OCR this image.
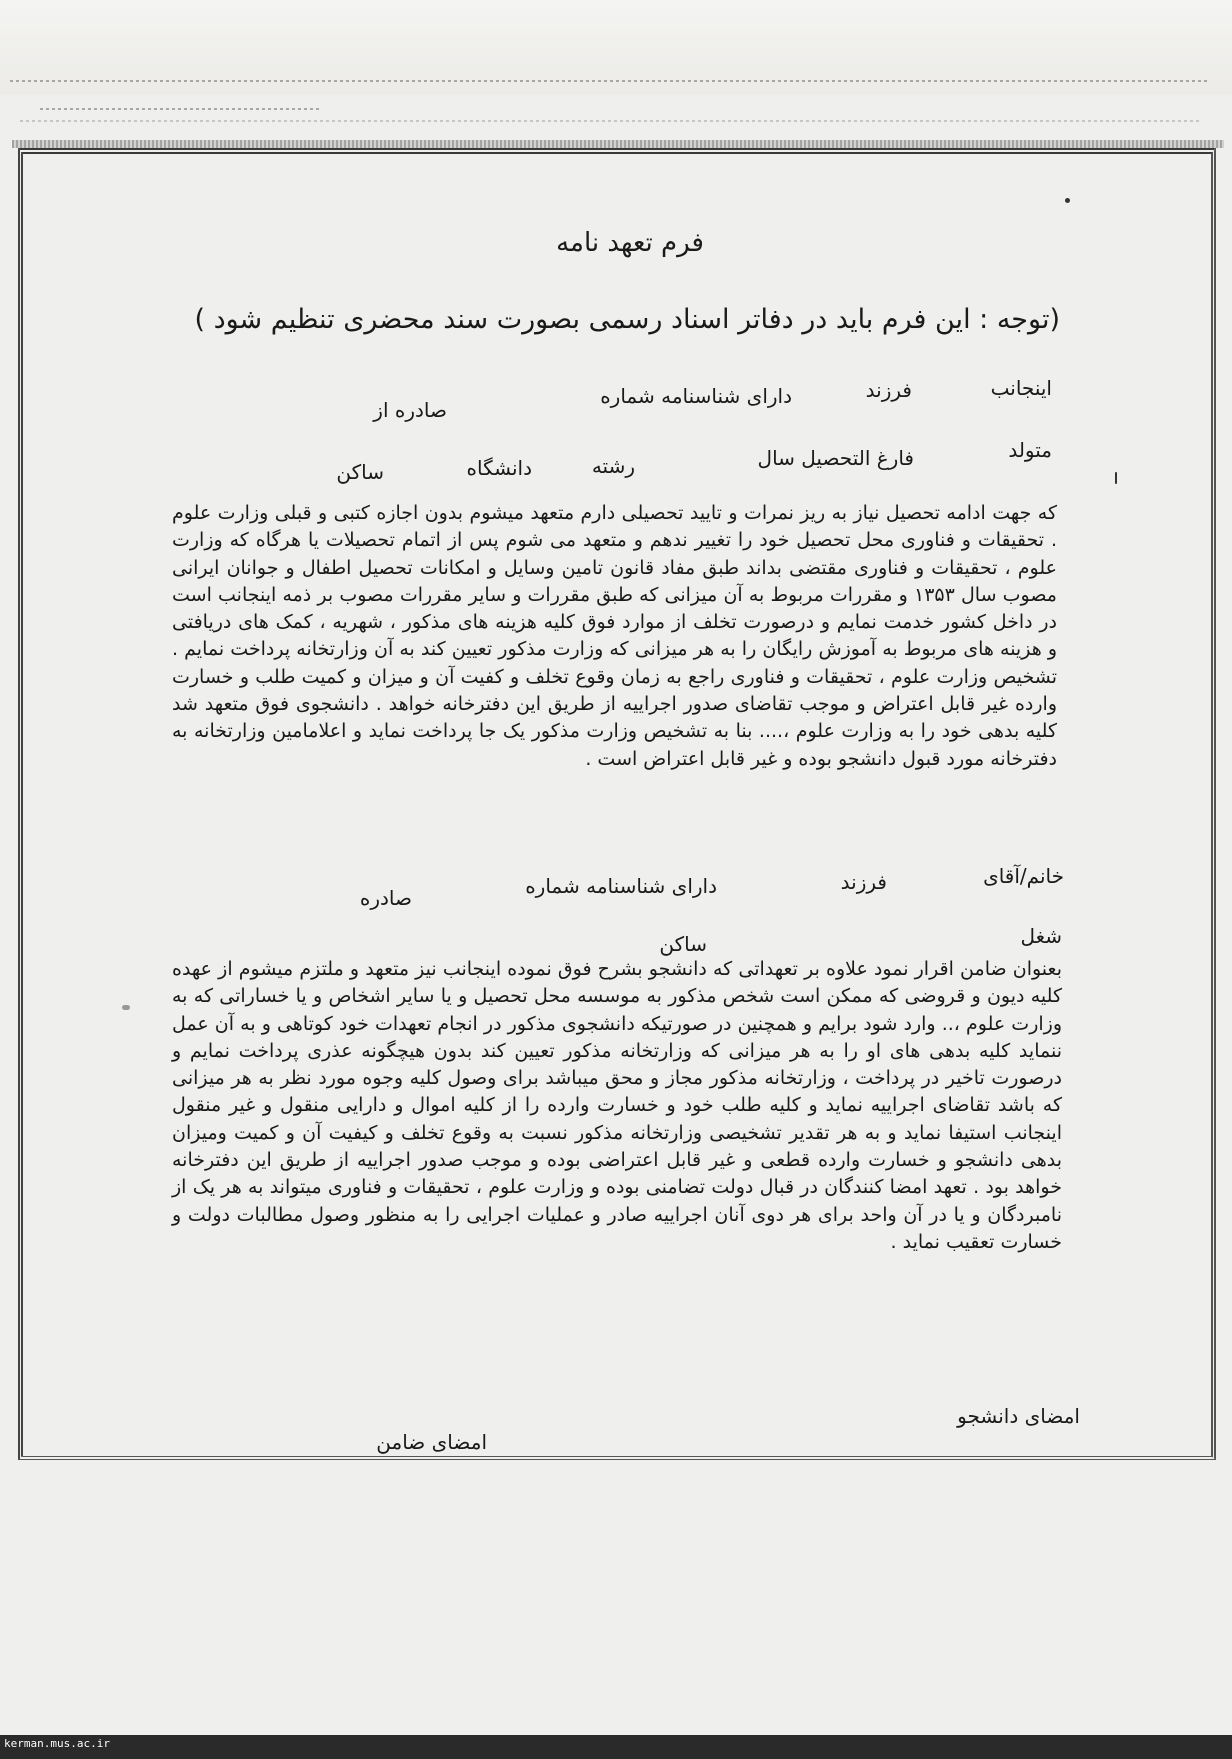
فرم تعهد نامه
(توجه : این فرم باید در دفاتر اسناد رسمی بصورت سند محضری تنظیم شود )
اینجانب
فرزند
دارای شناسنامه شماره
صادره از
متولد
فارغ التحصیل سال
رشته
دانشگاه
ساکن
که جهت ادامه تحصیل نیاز به ریز نمرات و تایید تحصیلی دارم متعهد میشوم بدون اجازه کتبی و قبلی وزارت علوم . تحقیقات و فناوری محل تحصیل خود را تغییر ندهم و متعهد می شوم پس از اتمام تحصیلات یا هرگاه که وزارت علوم ، تحقیقات و فناوری مقتضی بداند طبق مفاد قانون تامین وسایل و امکانات تحصیل اطفال و جوانان ایرانی مصوب سال ۱۳۵۳ و مقررات مربوط به آن میزانی که طبق مقررات و سایر مقررات مصوب بر ذمه اینجانب است در داخل کشور خدمت نمایم و درصورت تخلف از موارد فوق کلیه هزینه های مذکور ، شهریه ، کمک های دریافتی و هزینه های مربوط به آموزش رایگان را به هر میزانی که وزارت مذکور تعیین کند به آن وزارتخانه پرداخت نمایم . تشخیص وزارت علوم ، تحقیقات و فناوری راجع به زمان وقوع تخلف و کفیت آن و میزان و کمیت طلب و خسارت وارده غیر قابل اعتراض و موجب تقاضای صدور اجراییه از طریق این دفترخانه خواهد . دانشجوی فوق متعهد شد کلیه بدهی خود را به وزارت علوم ،.... بنا به تشخیص وزارت مذکور یک جا پرداخت نماید و اعلامامین وزارتخانه به دفترخانه مورد قبول دانشجو بوده و غیر قابل اعتراض است .
خانم/آقای
فرزند
دارای شناسنامه شماره
صادره
شغل
ساکن
بعنوان ضامن اقرار نمود علاوه بر تعهداتی که دانشجو بشرح فوق نموده اینجانب نیز متعهد و ملتزم میشوم از عهده کلیه دیون و قروضی که ممکن است شخص مذکور به موسسه محل تحصیل و یا سایر اشخاص و یا خساراتی که به وزارت علوم ،.. وارد شود برایم و همچنین در صورتیکه دانشجوی مذکور در انجام تعهدات خود کوتاهی و به آن عمل ننماید کلیه بدهی های او را به هر میزانی که وزارتخانه مذکور تعیین کند بدون هیچگونه عذری پرداخت نمایم و درصورت تاخیر در پرداخت ، وزارتخانه مذکور مجاز و محق میباشد برای وصول کلیه وجوه مورد نظر به هر میزانی که باشد تقاضای اجراییه نماید و کلیه طلب خود و خسارت وارده را از کلیه اموال و دارایی منقول و غیر منقول اینجانب استیفا نماید و به هر تقدیر تشخیصی وزارتخانه مذکور نسبت به وقوع تخلف و کیفیت آن و کمیت ومیزان بدهی دانشجو و خسارت وارده قطعی و غیر قابل اعتراضی بوده و موجب صدور اجراییه از طریق این دفترخانه خواهد بود . تعهد امضا کنندگان در قبال دولت تضامنی بوده و وزارت علوم ، تحقیقات و فناوری میتواند به هر یک از نامبردگان و یا در آن واحد برای هر دوی آنان اجراییه صادر و عملیات اجرایی را به منظور وصول مطالبات دولت و خسارت تعقیب نماید .
امضای دانشجو
امضای ضامن
kerman.mus.ac.ir
